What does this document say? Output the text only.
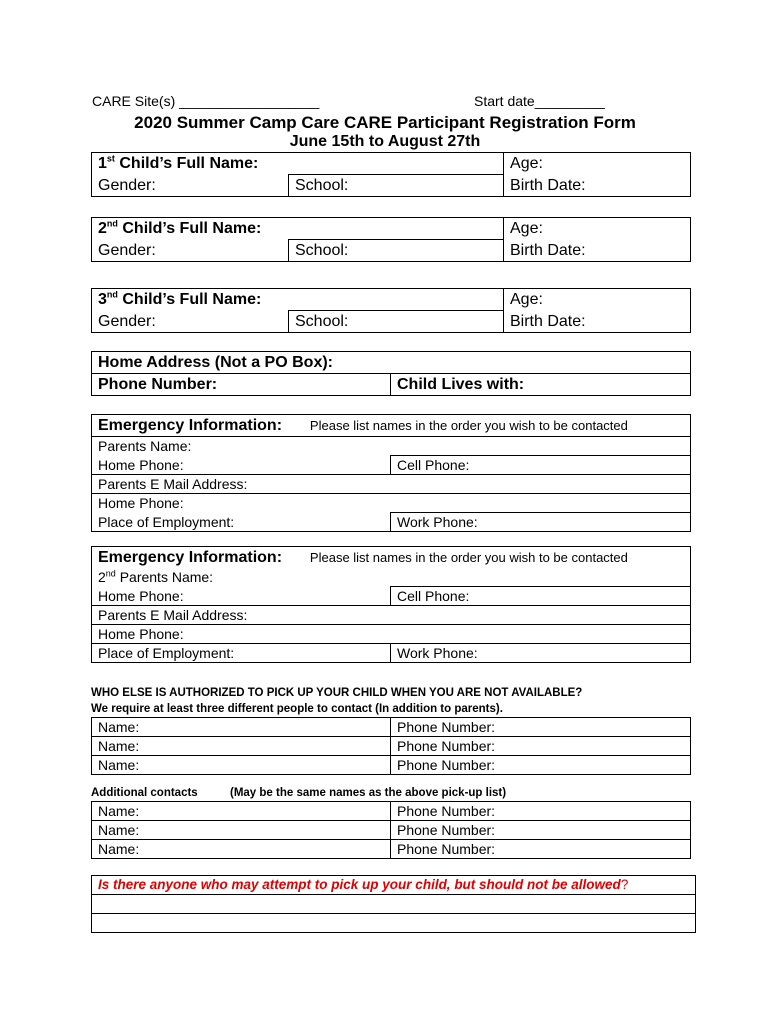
CARE Site(s) __________________	Start date_________
2020 Summer Camp Care CARE Participant Registration Form
June 15th to August 27th
1st Child’s Full Name:		Age:
Gender:	School:	Birth Date:
2nd Child’s Full Name:		Age:
Gender:	School:	Birth Date:
3nd Child’s Full Name:		Age:
Gender:	School:	Birth Date:
Home Address (Not a PO Box):
Phone Number:	Child Lives with:
Emergency Information: Please list names in the order you wish to be contacted	
Parents Name:	
Home Phone:	Cell Phone:
Parents E Mail Address:	
Home Phone:	
Place of Employment:	Work Phone:
Emergency Information: Please list names in the order you wish to be contacted	
2nd Parents Name:	
Home Phone:	Cell Phone:
Parents E Mail Address:	
Home Phone:	
Place of Employment:	Work Phone:
WHO ELSE IS AUTHORIZED TO PICK UP YOUR CHILD WHEN YOU ARE NOT AVAILABLE?
We require at least three different people to contact (In addition to parents).
Name:	Phone Number:
Name:	Phone Number:
Name:	Phone Number:
Additional contacts	(May be the same names as the above pick-up list)
Name:	Phone Number:
Name:	Phone Number:
Name:	Phone Number:
Is there anyone who may attempt to pick up your child, but should not be allowed?
